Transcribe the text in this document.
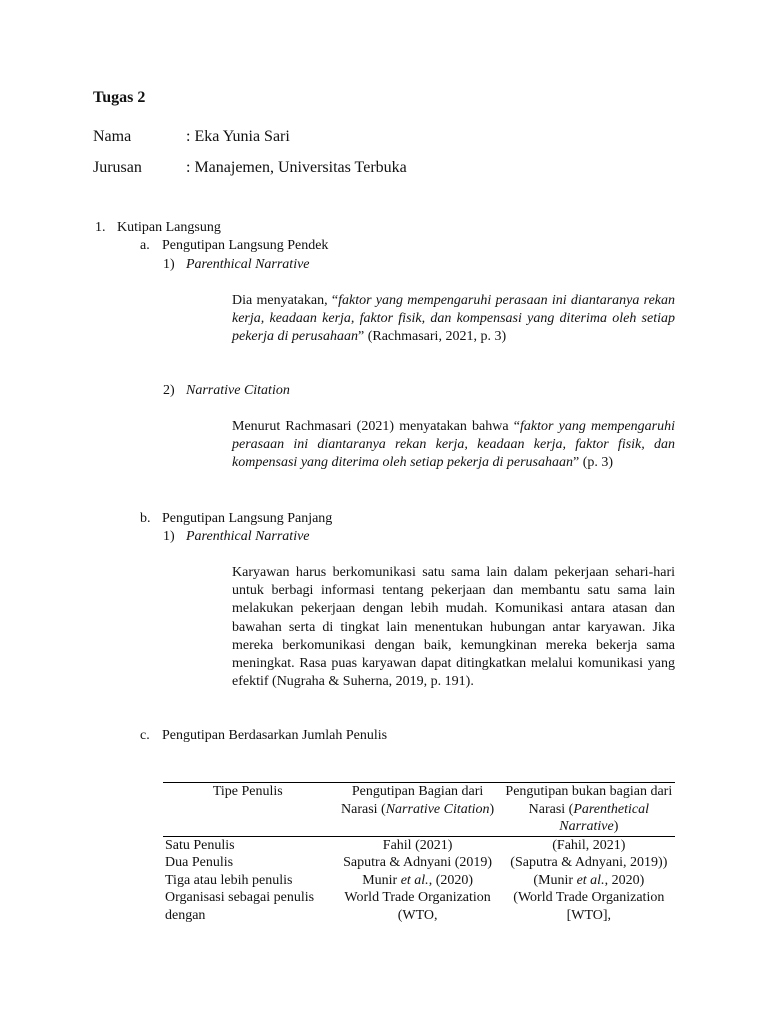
Tugas 2
Nama	: Eka Yunia Sari
Jurusan	: Manajemen, Universitas Terbuka
1. Kutipan Langsung
a. Pengutipan Langsung Pendek
1) Parenthical Narrative
Dia menyatakan, “faktor yang mempengaruhi perasaan ini diantaranya rekan kerja, keadaan kerja, faktor fisik, dan kompensasi yang diterima oleh setiap pekerja di perusahaan” (Rachmasari, 2021, p. 3)
2) Narrative Citation
Menurut Rachmasari (2021) menyatakan bahwa “faktor yang mempengaruhi perasaan ini diantaranya rekan kerja, keadaan kerja, faktor fisik, dan kompensasi yang diterima oleh setiap pekerja di perusahaan” (p. 3)
b. Pengutipan Langsung Panjang
1) Parenthical Narrative
Karyawan harus berkomunikasi satu sama lain dalam pekerjaan sehari-hari untuk berbagi informasi tentang pekerjaan dan membantu satu sama lain melakukan pekerjaan dengan lebih mudah. Komunikasi antara atasan dan bawahan serta di tingkat lain menentukan hubungan antar karyawan. Jika mereka berkomunikasi dengan baik, kemungkinan mereka bekerja sama meningkat. Rasa puas karyawan dapat ditingkatkan melalui komunikasi yang efektif (Nugraha & Suherna, 2019, p. 191).
c. Pengutipan Berdasarkan Jumlah Penulis
Tipe Penulis	Pengutipan Bagian dari Narasi (Narrative Citation)	Pengutipan bukan bagian dari Narasi (Parenthetical Narrative)
Satu Penulis	Fahil (2021)	(Fahil, 2021)
Dua Penulis	Saputra & Adnyani (2019)	(Saputra & Adnyani, 2019))
Tiga atau lebih penulis	Munir et al., (2020)	(Munir et al., 2020)
Organisasi sebagai penulis dengan	World Trade Organization (WTO,	(World Trade Organization [WTO],
